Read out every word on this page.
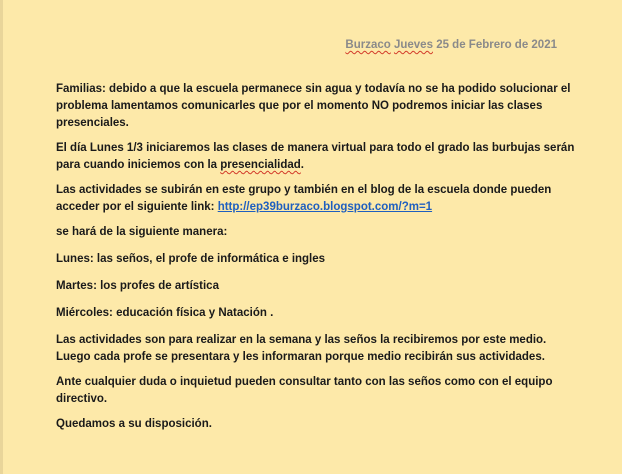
Burzaco Jueves 25 de Febrero de 2021

Familias: debido a que la escuela permanece sin agua y todavía no se ha podido solucionar el problema lamentamos comunicarles que por el momento NO podremos iniciar las clases presenciales.

El día Lunes 1/3 iniciaremos las clases de manera virtual para todo el grado las burbujas serán para cuando iniciemos con la presencialidad.

Las actividades se subirán en este grupo y también en el blog de la escuela donde pueden acceder por el siguiente link: http://ep39burzaco.blogspot.com/?m=1

se hará de la siguiente manera:

Lunes: las seños, el profe de informática e ingles

Martes: los profes de artística

Miércoles: educación física y Natación .

Las actividades son para realizar en la semana y las seños la recibiremos por este medio. Luego cada profe se presentara y les informaran porque medio recibirán sus actividades.

Ante cualquier duda o inquietud pueden consultar tanto con las seños como con el equipo directivo.

Quedamos a su disposición.
